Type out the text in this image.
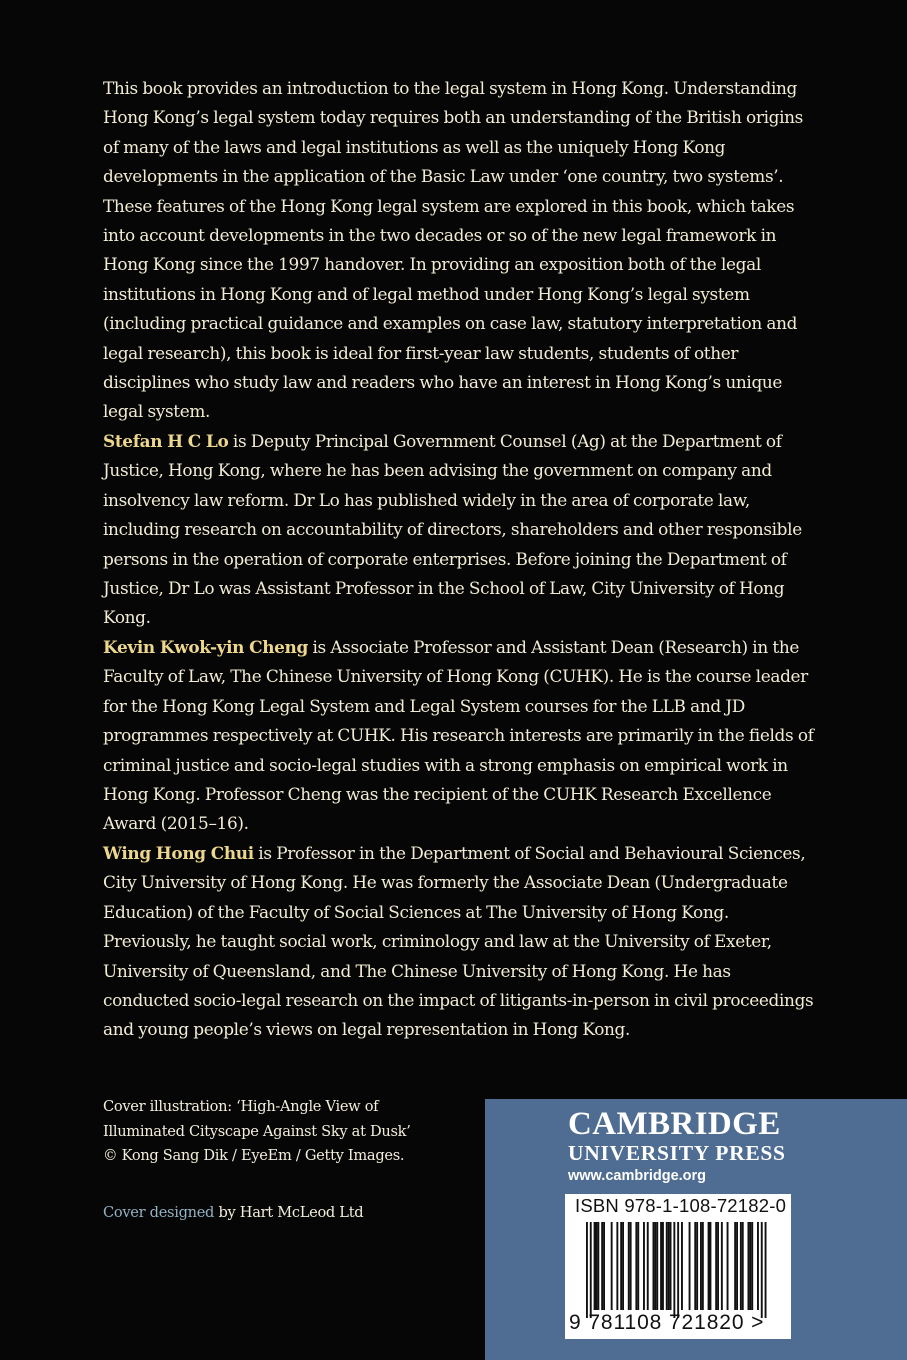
This book provides an introduction to the legal system in Hong Kong. Understanding Hong Kong’s legal system today requires both an understanding of the British origins of many of the laws and legal institutions as well as the uniquely Hong Kong developments in the application of the Basic Law under ‘one country, two systems’. These features of the Hong Kong legal system are explored in this book, which takes into account developments in the two decades or so of the new legal framework in Hong Kong since the 1997 handover. In providing an exposition both of the legal institutions in Hong Kong and of legal method under Hong Kong’s legal system (including practical guidance and examples on case law, statutory interpretation and legal research), this book is ideal for first-year law students, students of other disciplines who study law and readers who have an interest in Hong Kong’s unique legal system.
Stefan H C Lo is Deputy Principal Government Counsel (Ag) at the Department of Justice, Hong Kong, where he has been advising the government on company and insolvency law reform. Dr Lo has published widely in the area of corporate law, including research on accountability of directors, shareholders and other responsible persons in the operation of corporate enterprises. Before joining the Department of Justice, Dr Lo was Assistant Professor in the School of Law, City University of Hong Kong.
Kevin Kwok-yin Cheng is Associate Professor and Assistant Dean (Research) in the Faculty of Law, The Chinese University of Hong Kong (CUHK). He is the course leader for the Hong Kong Legal System and Legal System courses for the LLB and JD programmes respectively at CUHK. His research interests are primarily in the fields of criminal justice and socio-legal studies with a strong emphasis on empirical work in Hong Kong. Professor Cheng was the recipient of the CUHK Research Excellence Award (2015–16).
Wing Hong Chui is Professor in the Department of Social and Behavioural Sciences, City University of Hong Kong. He was formerly the Associate Dean (Undergraduate Education) of the Faculty of Social Sciences at The University of Hong Kong. Previously, he taught social work, criminology and law at the University of Exeter, University of Queensland, and The Chinese University of Hong Kong. He has conducted socio-legal research on the impact of litigants-in-person in civil proceedings and young people’s views on legal representation in Hong Kong.
Cover illustration: ‘High-Angle View of
Illuminated Cityscape Against Sky at Dusk’
© Kong Sang Dik / EyeEm / Getty Images.
Cover designed by Hart McLeod Ltd
CAMBRIDGE
UNIVERSITY PRESS
www.cambridge.org
ISBN 978-1-108-72182-0
9 781108 721820 >
